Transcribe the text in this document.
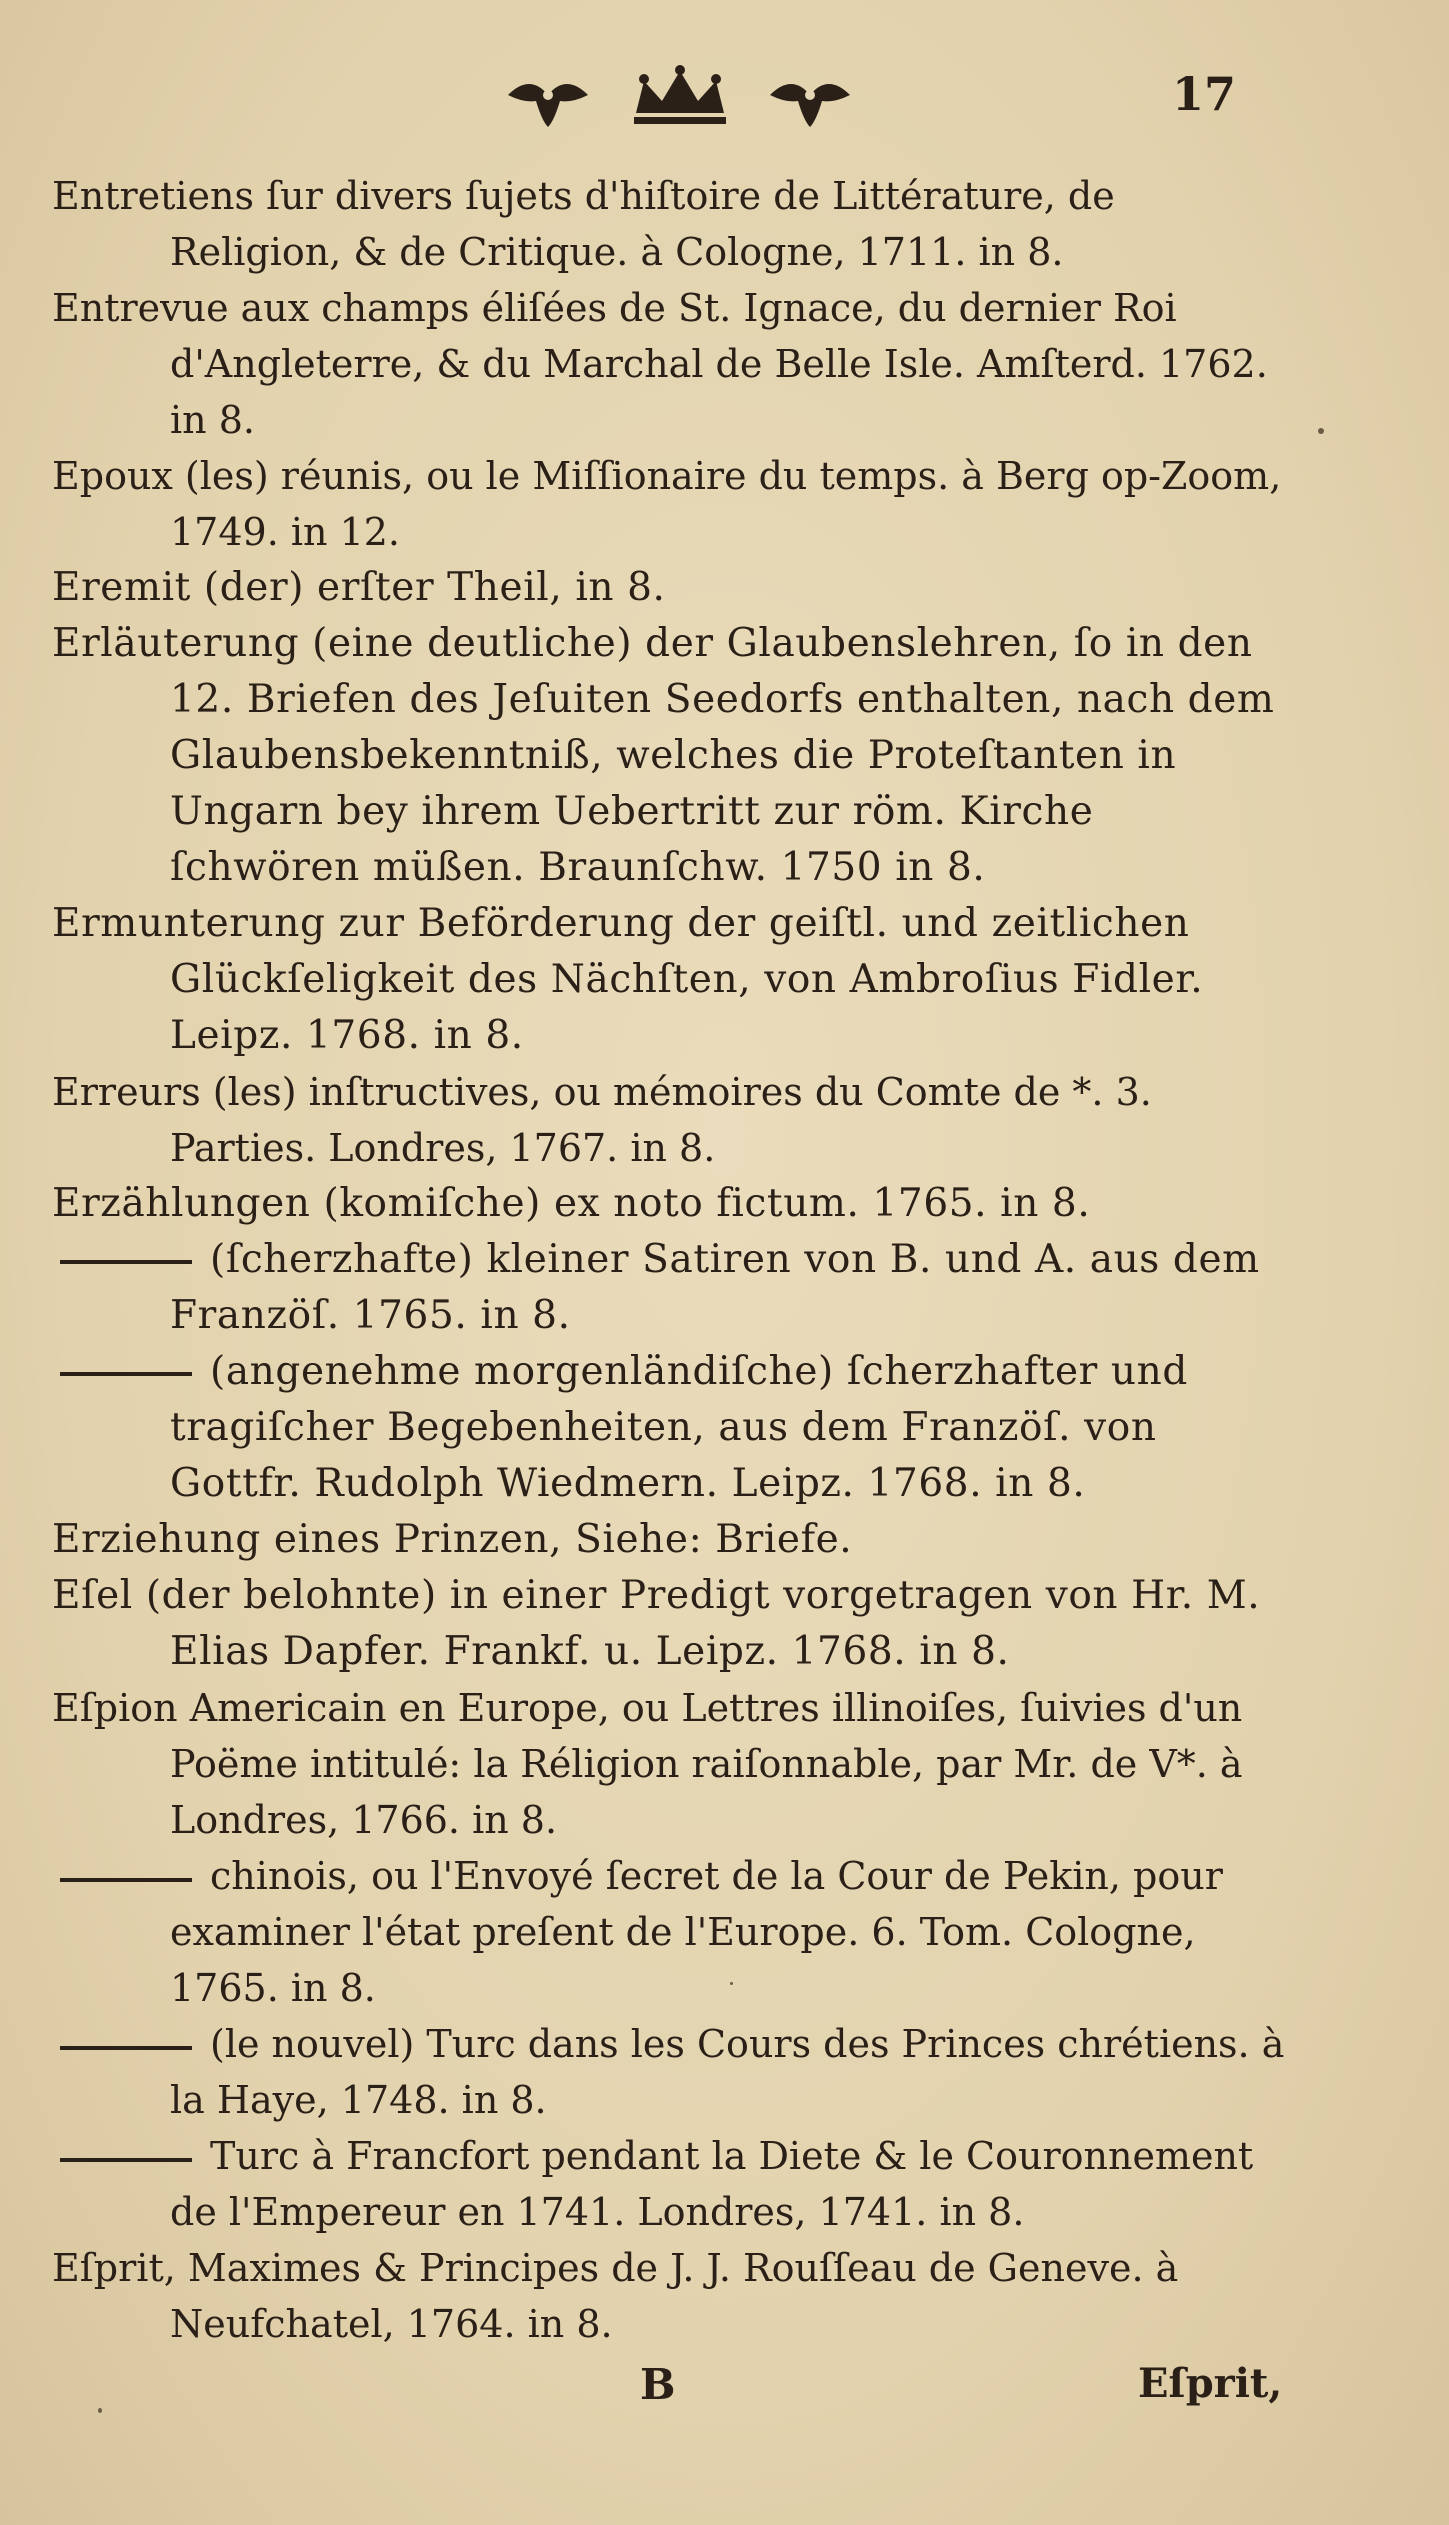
17

Entretiens ſur divers ſujets d'hiſtoire de Littérature, de Religion, & de Critique. à Cologne, 1711. in 8.

Entrevue aux champs éliſées de St. Ignace, du dernier Roi d'Angleterre, & du Marchal de Belle Isle. Amſterd. 1762. in 8.

Epoux (les) réunis, ou le Miſſionaire du temps. à Berg op-Zoom, 1749. in 12.

Eremit (der) erſter Theil, in 8.

Erläuterung (eine deutliche) der Glaubenslehren, ſo in den 12. Briefen des Jeſuiten Seedorfs enthalten, nach dem Glaubensbekenntniß, welches die Proteſtanten in Ungarn bey ihrem Uebertritt zur röm. Kirche ſchwören müßen. Braunſchw. 1750 in 8.

Ermunterung zur Beförderung der geiſtl. und zeitlichen Glückſeligkeit des Nächſten, von Ambroſius Fidler. Leipz. 1768. in 8.

Erreurs (les) inſtructives, ou mémoires du Comte de *. 3. Parties. Londres, 1767. in 8.

Erzählungen (komiſche) ex noto fictum. 1765. in 8.

(ſcherzhafte) kleiner Satiren von B. und A. aus dem Franzöſ. 1765. in 8.

(angenehme morgenländiſche) ſcherzhafter und tragiſcher Begebenheiten, aus dem Franzöſ. von Gottfr. Rudolph Wiedmern. Leipz. 1768. in 8.

Erziehung eines Prinzen, Siehe: Briefe.

Eſel (der belohnte) in einer Predigt vorgetragen von Hr. M. Elias Dapfer. Frankf. u. Leipz. 1768. in 8.

Eſpion Americain en Europe, ou Lettres illinoiſes, ſuivies d'un Poëme intitulé: la Réligion raiſonnable, par Mr. de V*. à Londres, 1766. in 8.

chinois, ou l'Envoyé ſecret de la Cour de Pekin, pour examiner l'état preſent de l'Europe. 6. Tom. Cologne, 1765. in 8.

(le nouvel) Turc dans les Cours des Princes chrétiens. à la Haye, 1748. in 8.

Turc à Francfort pendant la Diete & le Couronnement de l'Empereur en 1741. Londres, 1741. in 8.

Eſprit, Maximes & Principes de J. J. Rouſſeau de Geneve. à Neufchatel, 1764. in 8.

B	Eſprit,
